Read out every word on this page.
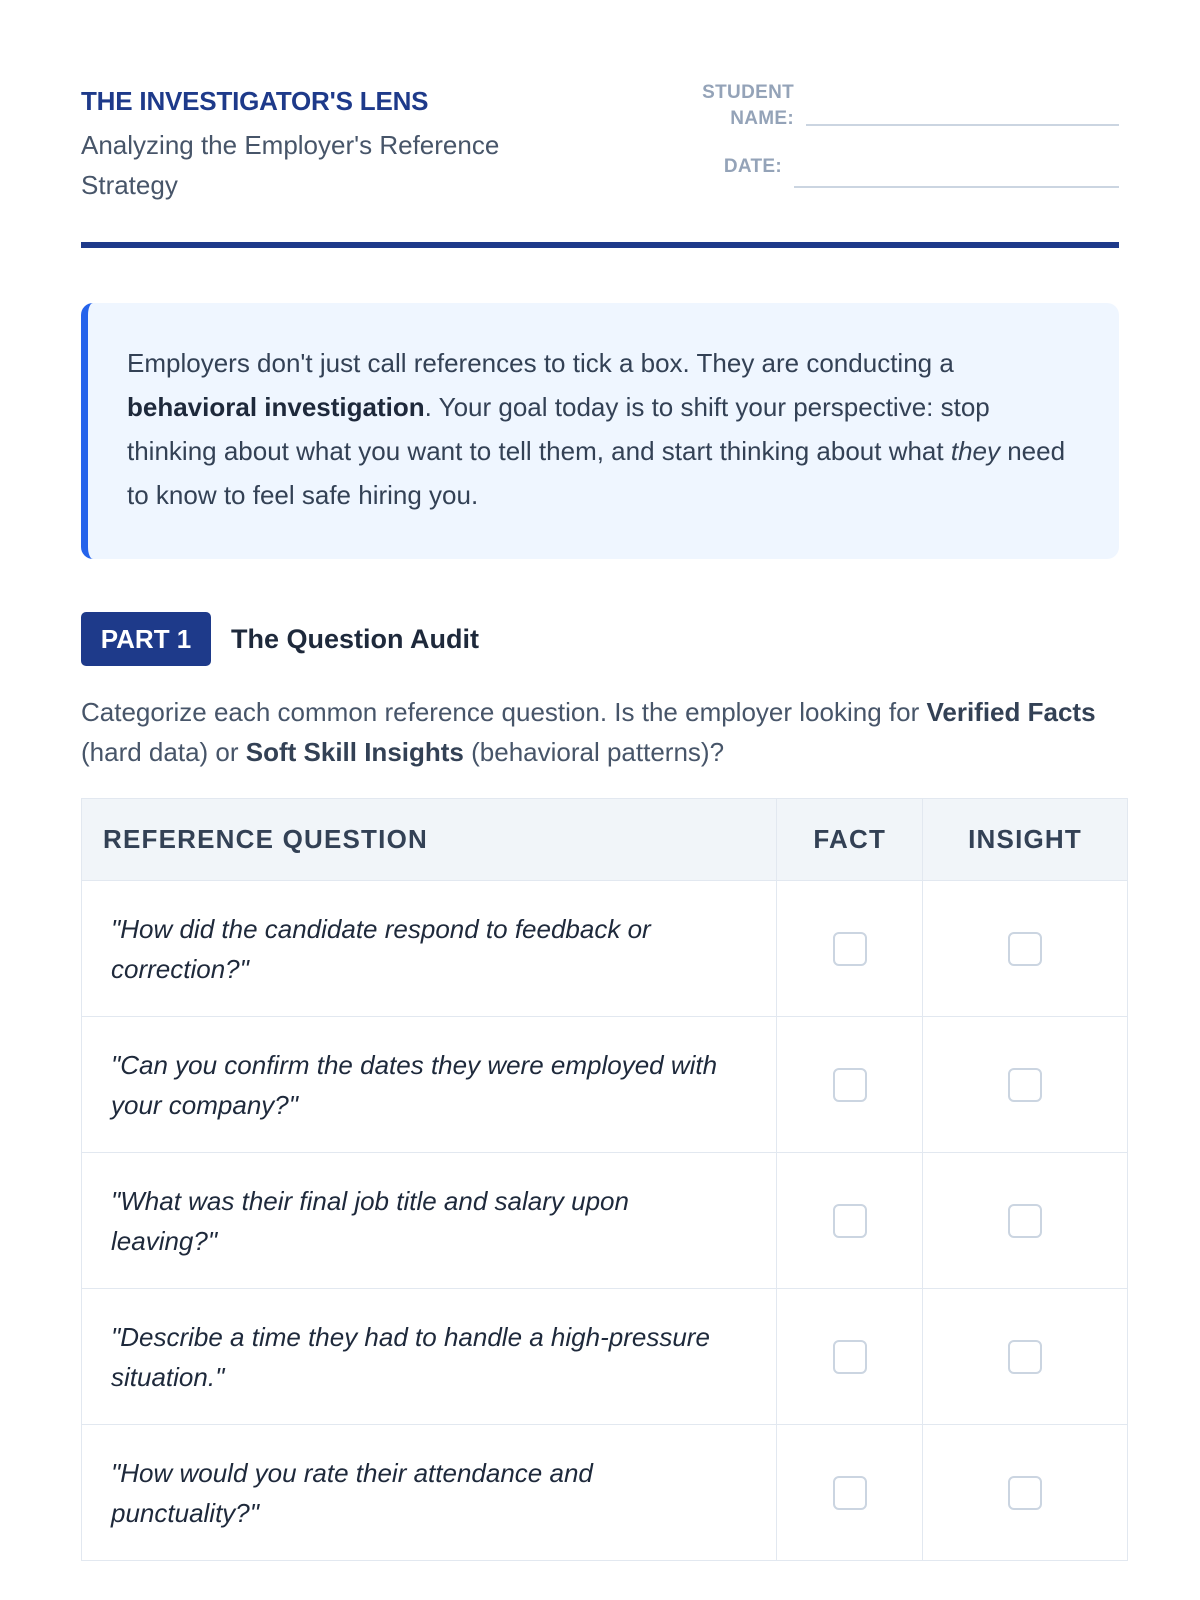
THE INVESTIGATOR'S LENS
Analyzing the Employer's Reference Strategy
STUDENT
NAME:
DATE:

Employers don't just call references to tick a box. They are conducting a behavioral investigation. Your goal today is to shift your perspective: stop thinking about what you want to tell them, and start thinking about what they need to know to feel safe hiring you.

PART 1	The Question Audit
Categorize each common reference question. Is the employer looking for Verified Facts (hard data) or Soft Skill Insights (behavioral patterns)?
REFERENCE QUESTION	FACT	INSIGHT
"How did the candidate respond to feedback or correction?"		
"Can you confirm the dates they were employed with your company?"		
"What was their final job title and salary upon leaving?"		
"Describe a time they had to handle a high-pressure situation."		
"How would you rate their attendance and punctuality?"		
